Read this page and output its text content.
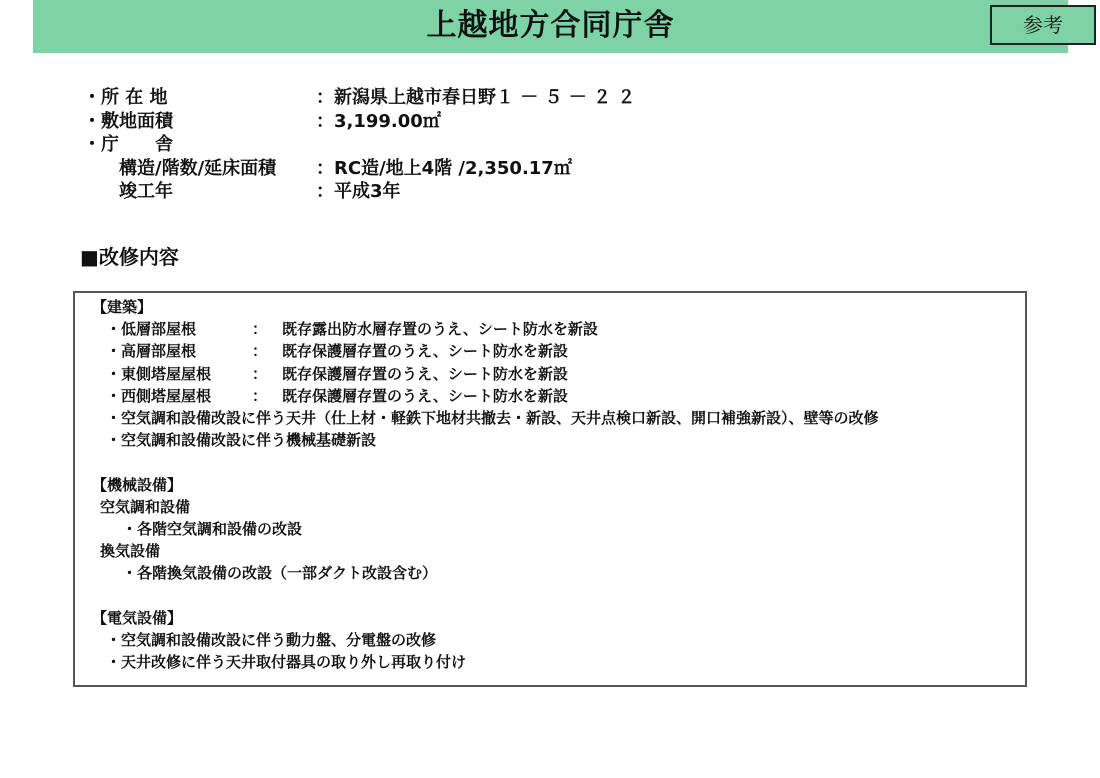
上越地方合同庁舎	参考
・所 在 地	：新潟県上越市春日野１ － ５ － ２ ２
・敷地面積	：3,199.00㎡
・庁　　舎
構造/階数/延床面積 ：RC造/地上4階 /2,350.17㎡
竣工年	：平成3年
■改修内容
【建築】
・低層部屋根	： 既存露出防水層存置のうえ、シート防水を新設
・高層部屋根	： 既存保護層存置のうえ、シート防水を新設
・東側塔屋屋根	： 既存保護層存置のうえ、シート防水を新設
・西側塔屋屋根	： 既存保護層存置のうえ、シート防水を新設
・空気調和設備改設に伴う天井（仕上材・軽鉄下地材共撤去・新設、天井点検口新設、開口補強新設）、壁等の改修
・空気調和設備改設に伴う機械基礎新設
【機械設備】
空気調和設備
・各階空気調和設備の改設
換気設備
・各階換気設備の改設（一部ダクト改設含む）
【電気設備】
・空気調和設備改設に伴う動力盤、分電盤の改修
・天井改修に伴う天井取付器具の取り外し再取り付け
